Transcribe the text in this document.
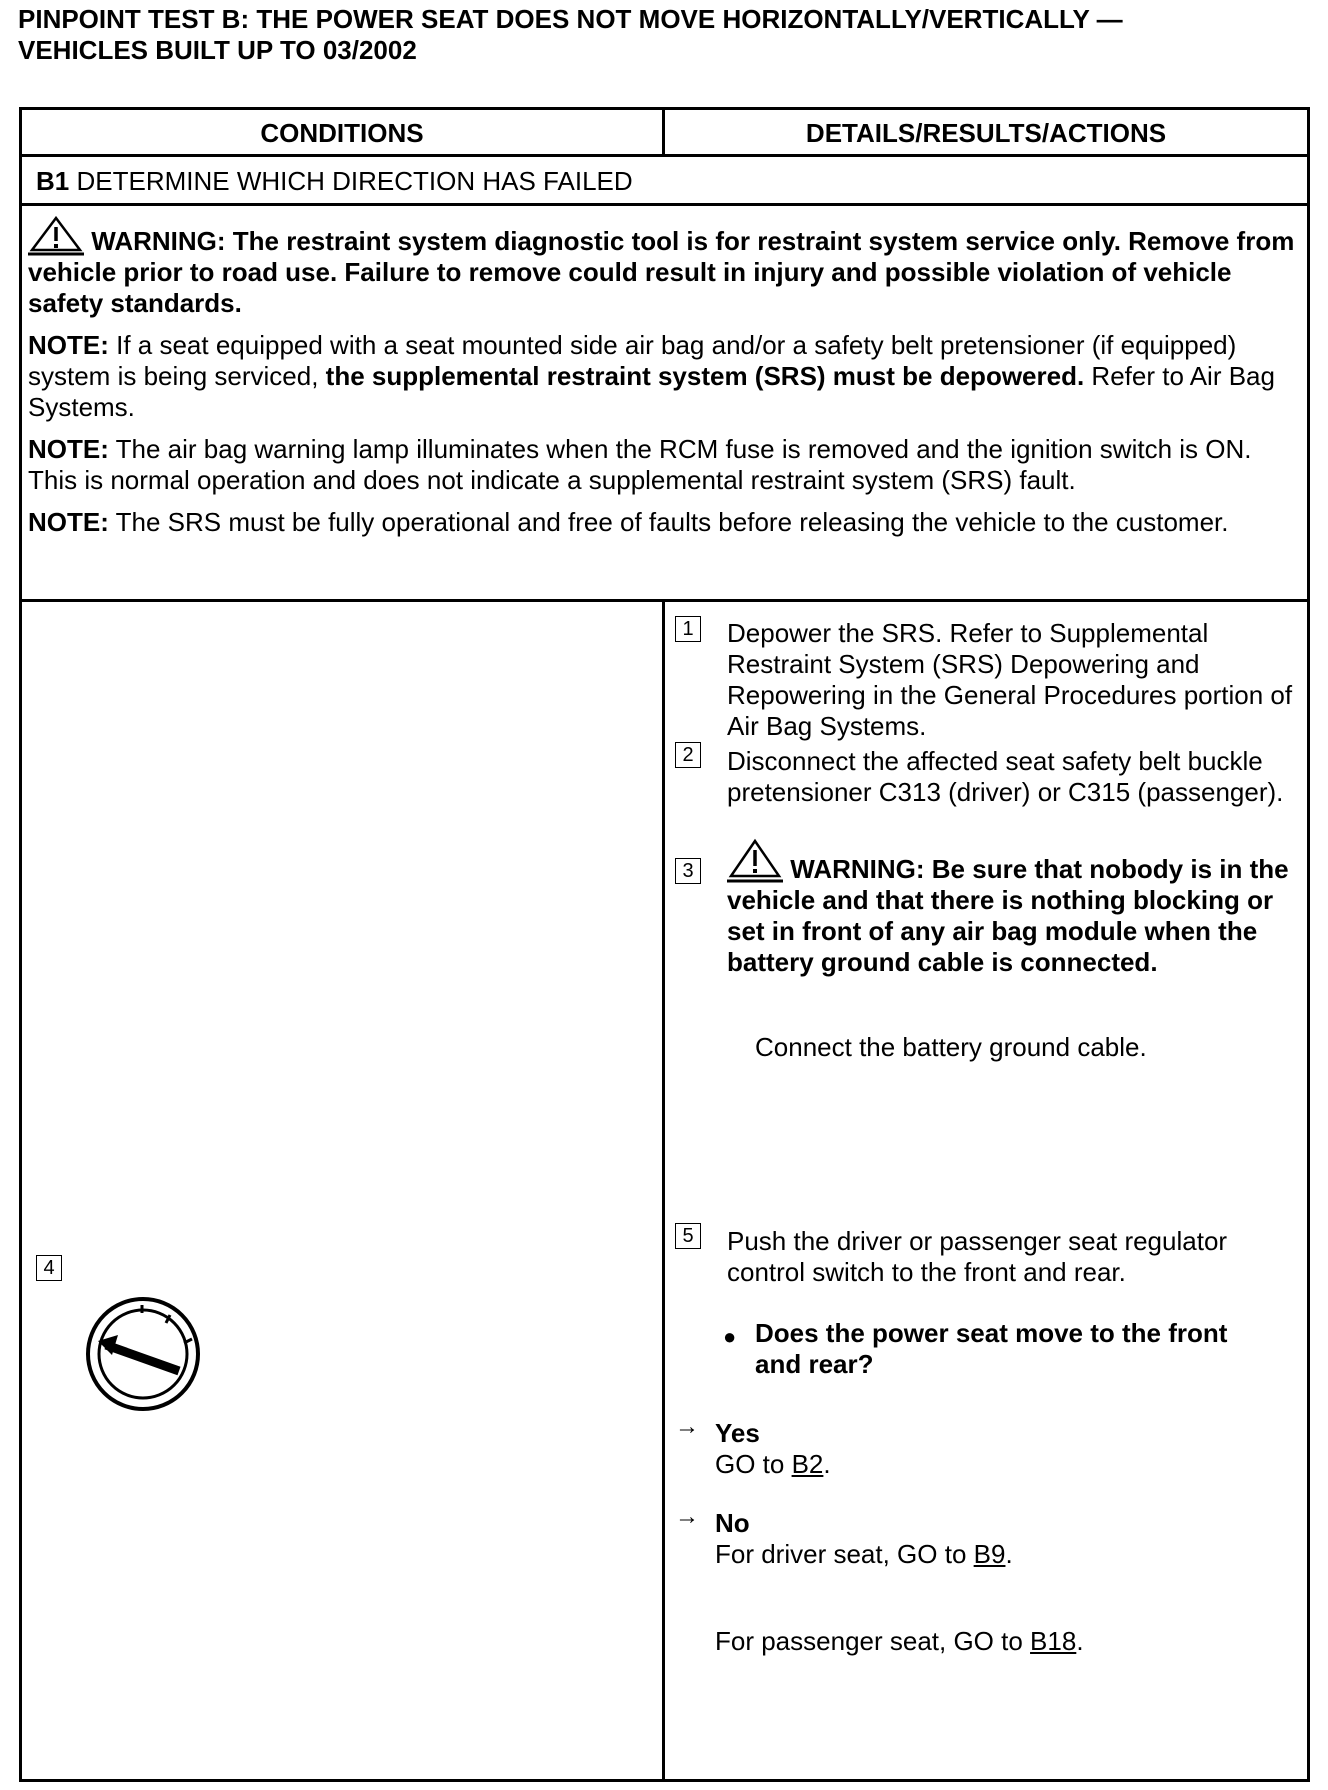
PINPOINT TEST B: THE POWER SEAT DOES NOT MOVE HORIZONTALLY/VERTICALLY —
VEHICLES BUILT UP TO 03/2002
CONDITIONS	DETAILS/RESULTS/ACTIONS
B1 DETERMINE WHICH DIRECTION HAS FAILED

WARNING: The restraint system diagnostic tool is for restraint system service only. Remove from vehicle prior to road use. Failure to remove could result in injury and possible violation of vehicle safety standards.

NOTE: If a seat equipped with a seat mounted side air bag and/or a safety belt pretensioner (if equipped) system is being serviced, the supplemental restraint system (SRS) must be depowered. Refer to Air Bag Systems.

NOTE: The air bag warning lamp illuminates when the RCM fuse is removed and the ignition switch is ON. This is normal operation and does not indicate a supplemental restraint system (SRS) fault.

NOTE: The SRS must be fully operational and free of faults before releasing the vehicle to the customer.

4
1 Depower the SRS. Refer to Supplemental Restraint System (SRS) Depowering and Repowering in the General Procedures portion of Air Bag Systems.
2 Disconnect the affected seat safety belt buckle pretensioner C313 (driver) or C315 (passenger).
3	WARNING: Be sure that nobody is in the vehicle and that there is nothing blocking or set in front of any air bag module when the battery ground cable is connected.
Connect the battery ground cable.
5 Push the driver or passenger seat regulator control switch to the front and rear.
● Does the power seat move to the front and rear?
→ Yes
GO to B2.
→ No
For driver seat, GO to B9.
For passenger seat, GO to B18.
